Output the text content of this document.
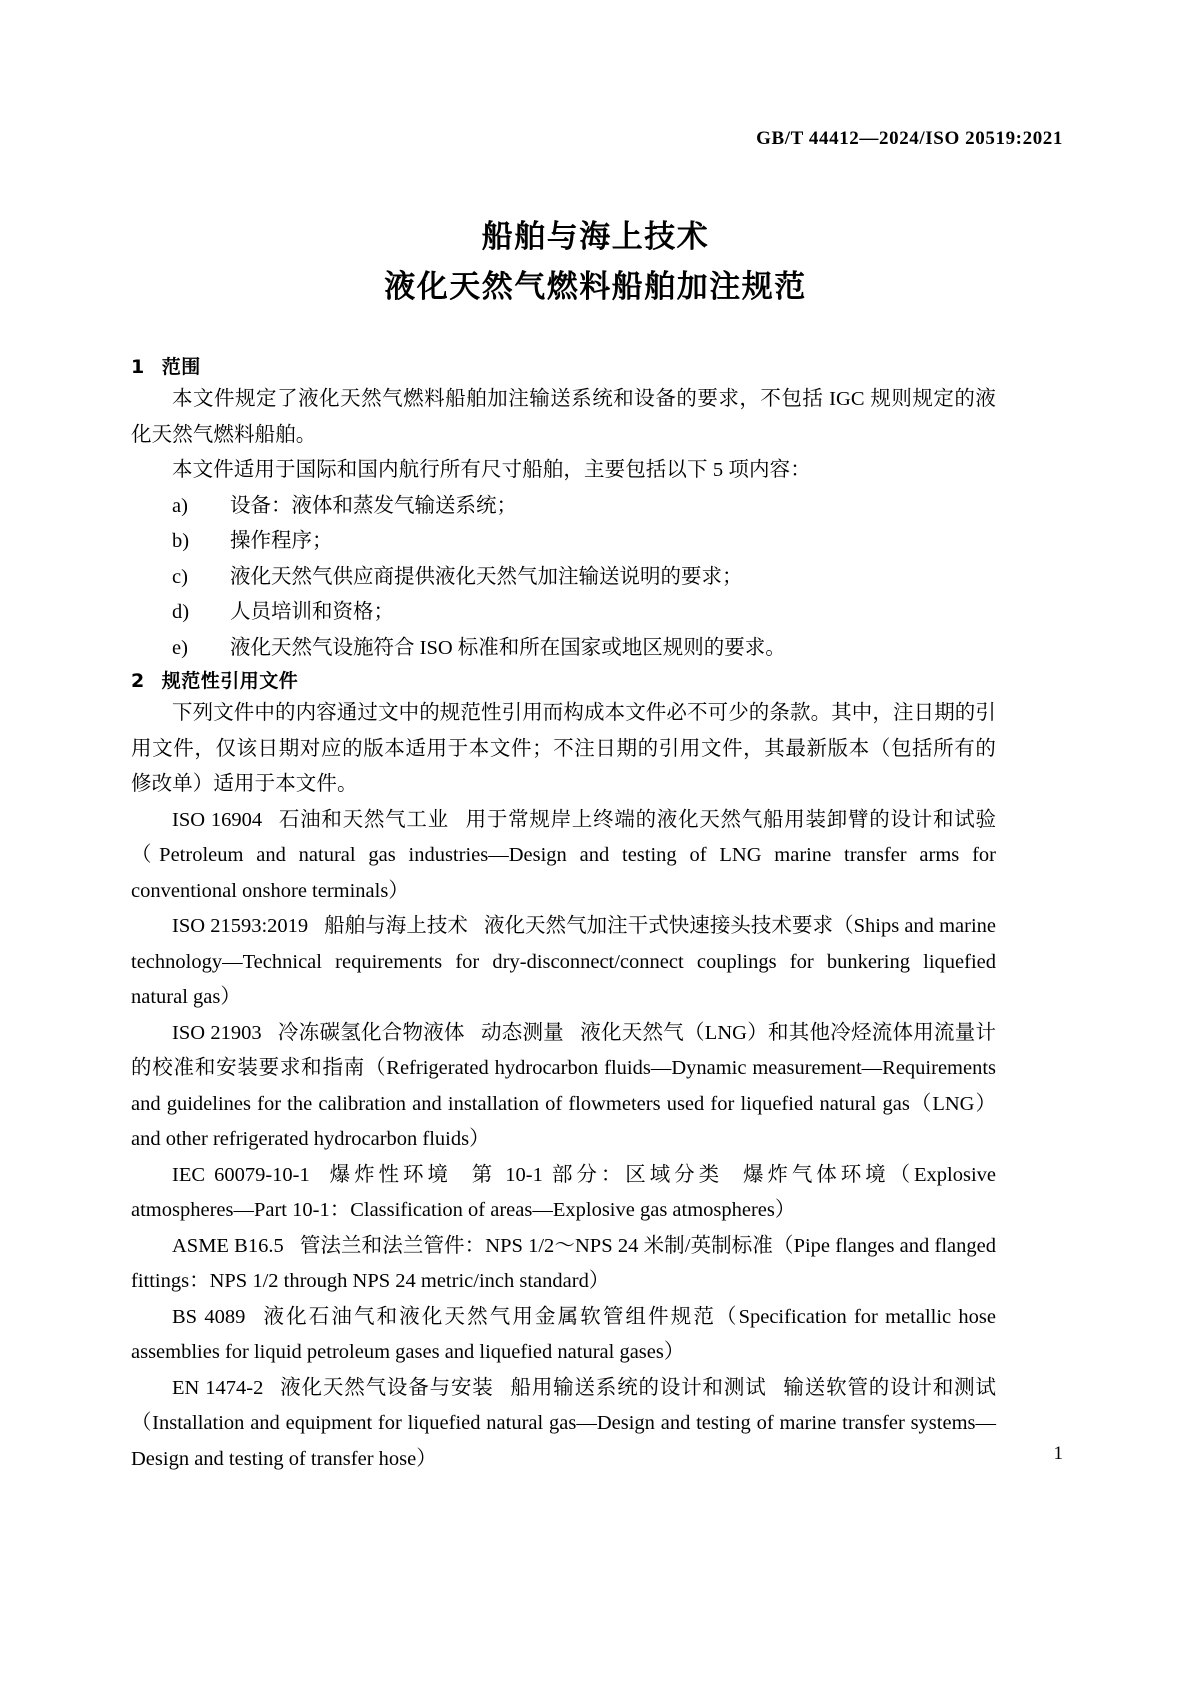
GB/T 44412—2024/ISO 20519:2021
船舶与海上技术
液化天然气燃料船舶加注规范
1 范围

本文件规定了液化天然气燃料船舶加注输送系统和设备的要求，不包括 IGC 规则规定的液化天然气燃料船舶。

本文件适用于国际和国内航行所有尺寸船舶，主要包括以下 5 项内容：

a)	设备：液体和蒸发气输送系统；
b)	操作程序；
c)	液化天然气供应商提供液化天然气加注输送说明的要求；
d)	人员培训和资格；
e)	液化天然气设施符合 ISO 标准和所在国家或地区规则的要求。
2 规范性引用文件

下列文件中的内容通过文中的规范性引用而构成本文件必不可少的条款。其中，注日期的引用文件，仅该日期对应的版本适用于本文件；不注日期的引用文件，其最新版本（包括所有的修改单）适用于本文件。

ISO 16904 石油和天然气工业 用于常规岸上终端的液化天然气船用装卸臂的设计和试验（Petroleum and natural gas industries—Design and testing of LNG marine transfer arms for conventional onshore terminals）

ISO 21593:2019 船舶与海上技术 液化天然气加注干式快速接头技术要求（Ships and marine technology—Technical requirements for dry-disconnect/connect couplings for bunkering liquefied natural gas）

ISO 21903 冷冻碳氢化合物液体 动态测量 液化天然气（LNG）和其他冷烃流体用流量计的校准和安装要求和指南（Refrigerated hydrocarbon fluids—Dynamic measurement—Requirements and guidelines for the calibration and installation of flowmeters used for liquefied natural gas（LNG）and other refrigerated hydrocarbon fluids）

IEC 60079-10-1 爆炸性环境 第 10-1 部分：区域分类 爆炸气体环境（Explosive atmospheres—Part 10-1：Classification of areas—Explosive gas atmospheres）

ASME B16.5 管法兰和法兰管件：NPS 1/2～NPS 24 米制/英制标准（Pipe flanges and flanged fittings：NPS 1/2 through NPS 24 metric/inch standard）

BS 4089 液化石油气和液化天然气用金属软管组件规范（Specification for metallic hose assemblies for liquid petroleum gases and liquefied natural gases）

EN 1474-2 液化天然气设备与安装 船用输送系统的设计和测试 输送软管的设计和测试（Installation and equipment for liquefied natural gas—Design and testing of marine transfer systems—Design and testing of transfer hose）	1
